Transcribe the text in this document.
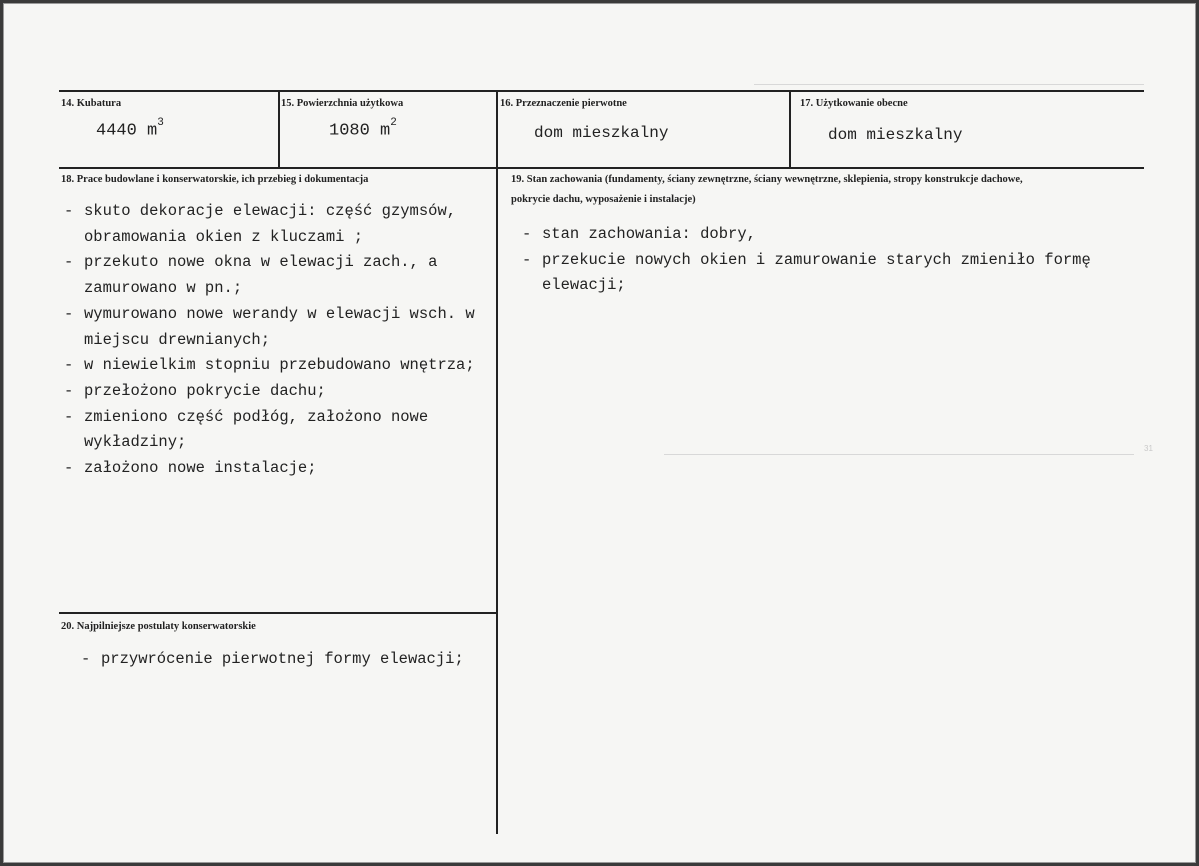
31
14. Kubatura
4440 $m^3$
15. Powierzchnia użytkowa
1080 $m^2$
16. Przeznaczenie pierwotne
dom mieszkalny
17. Użytkowanie obecne
dom mieszkalny
18. Prace budowlane i konserwatorskie, ich przebieg i dokumentacja
- skuto dekoracje elewacji: część gzymsów, obramowania okien z kluczami ;
- przekuto nowe okna w elewacji zach., a zamurowano w pn.;
- wymurowano nowe werandy w elewacji wsch. w miejscu drewnianych;
- w niewielkim stopniu przebudowano wnętrza;
- przełożono pokrycie dachu;
- zmieniono część podłóg, założono nowe wykładziny;
- założono nowe instalacje;
19. Stan zachowania (fundamenty, ściany zewnętrzne, ściany wewnętrzne, sklepienia, stropy konstrukcje dachowe, pokrycie dachu, wyposażenie i instalacje)
- stan zachowania: dobry,
- przekucie nowych okien i zamurowanie starych zmieniło formę elewacji;
20. Najpilniejsze postulaty konserwatorskie
- przywrócenie pierwotnej formy elewacji;
